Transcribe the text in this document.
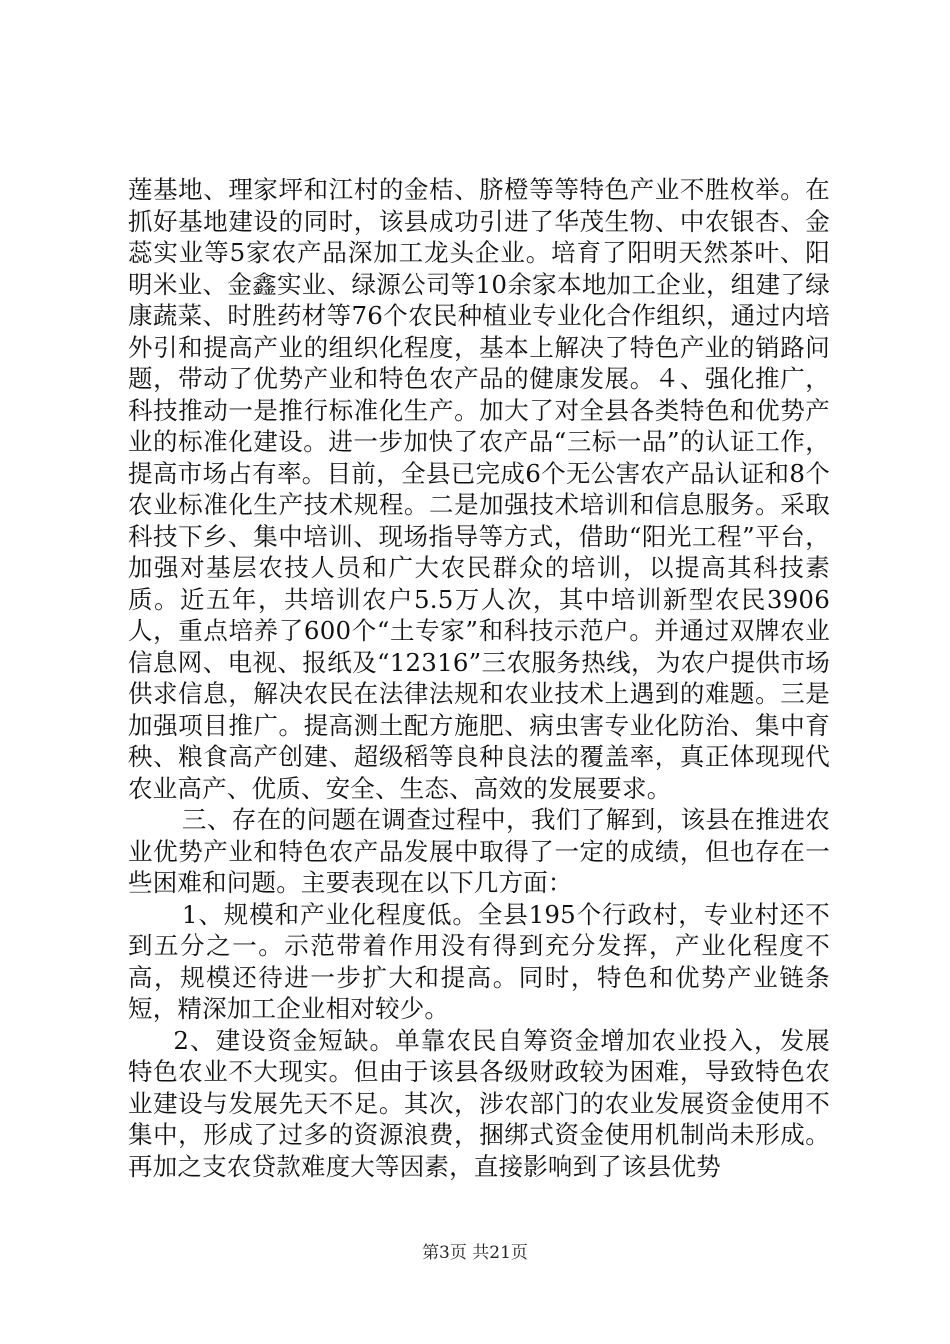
莲基地、理家坪和江村的金桔、脐橙等等特色产业不胜枚举。在抓好基地建设的同时，该县成功引进了华茂生物、中农银杏、金蕊实业等5家农产品深加工龙头企业。培育了阳明天然茶叶、阳明米业、金鑫实业、绿源公司等10余家本地加工企业，组建了绿康蔬菜、时胜药材等76个农民种植业专业化合作组织，通过内培外引和提高产业的组织化程度，基本上解决了特色产业的销路问题，带动了优势产业和特色农产品的健康发展。４、强化推广，科技推动一是推行标准化生产。加大了对全县各类特色和优势产业的标准化建设。进一步加快了农产品“三标一品”的认证工作，提高市场占有率。目前，全县已完成6个无公害农产品认证和8个农业标准化生产技术规程。二是加强技术培训和信息服务。采取科技下乡、集中培训、现场指导等方式，借助“阳光工程”平台，加强对基层农技人员和广大农民群众的培训，以提高其科技素质。近五年，共培训农户5.5万人次，其中培训新型农民3906人，重点培养了600个“土专家”和科技示范户。并通过双牌农业信息网、电视、报纸及“12316”三农服务热线，为农户提供市场供求信息，解决农民在法律法规和农业技术上遇到的难题。三是加强项目推广。提高测土配方施肥、病虫害专业化防治、集中育秧、粮食高产创建、超级稻等良种良法的覆盖率，真正体现现代农业高产、优质、安全、生态、高效的发展要求。

三、存在的问题在调查过程中，我们了解到，该县在推进农业优势产业和特色农产品发展中取得了一定的成绩，但也存在一些困难和问题。主要表现在以下几方面：

1、规模和产业化程度低。全县195个行政村，专业村还不到五分之一。示范带着作用没有得到充分发挥，产业化程度不高，规模还待进一步扩大和提高。同时，特色和优势产业链条短，精深加工企业相对较少。

2、建设资金短缺。单靠农民自筹资金增加农业投入，发展特色农业不大现实。但由于该县各级财政较为困难，导致特色农业建设与发展先天不足。其次，涉农部门的农业发展资金使用不集中，形成了过多的资源浪费，捆绑式资金使用机制尚未形成。再加之支农贷款难度大等因素，直接影响到了该县优势

第3页 共21页
